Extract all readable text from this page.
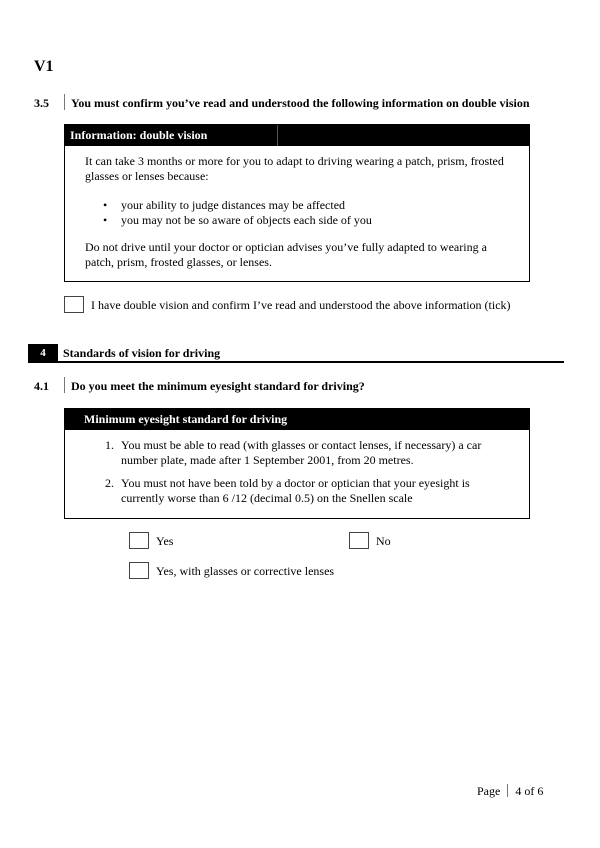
V1
3.5 You must confirm you’ve read and understood the following information on double vision
Information: double vision

It can take 3 months or more for you to adapt to driving wearing a patch, prism, frosted glasses or lenses because:

• your ability to judge distances may be affected
• you may not be so aware of objects each side of you

Do not drive until your doctor or optician advises you’ve fully adapted to wearing a patch, prism, frosted glasses, or lenses.

I have double vision and confirm I’ve read and understood the above information (tick)
4	Standards of vision for driving
4.1 Do you meet the minimum eyesight standard for driving?
Minimum eyesight standard for driving
1. You must be able to read (with glasses or contact lenses, if necessary) a car number plate, made after 1 September 2001, from 20 metres.
2. You must not have been told by a doctor or optician that your eyesight is currently worse than 6 /12 (decimal 0.5) on the Snellen scale
Yes	No
Yes, with glasses or corrective lenses
Page 4 of 6
